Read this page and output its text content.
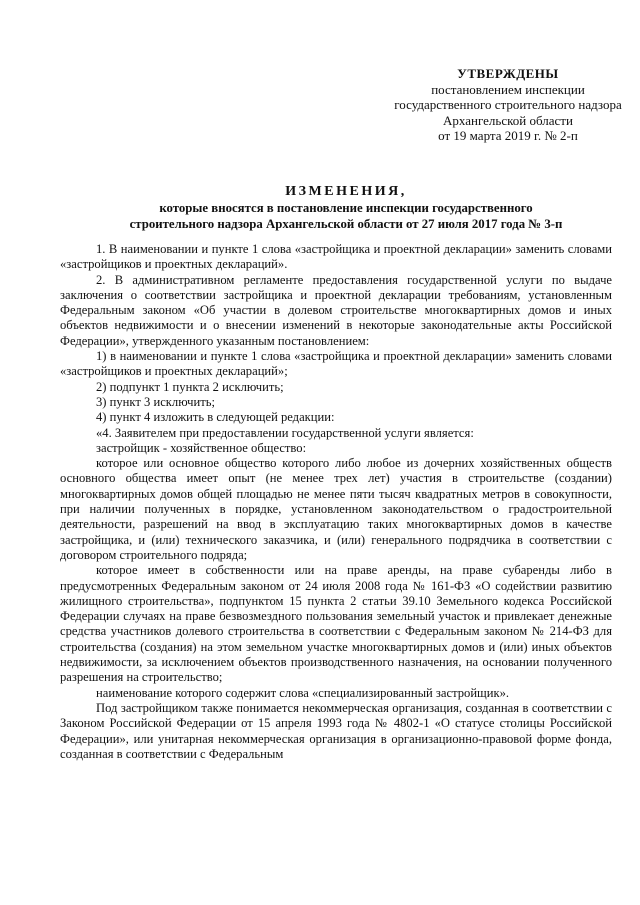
УТВЕРЖДЕНЫ
постановлением инспекции
государственного строительного надзора
Архангельской области
от 19 марта 2019 г. № 2-п
ИЗМЕНЕНИЯ,
которые вносятся в постановление инспекции государственного
строительного надзора Архангельской области от 27 июля 2017 года № 3-п

1. В наименовании и пункте 1 слова «застройщика и проектной декларации» заменить словами «застройщиков и проектных деклараций».

2. В административном регламенте предоставления государственной услуги по выдаче заключения о соответствии застройщика и проектной декларации требованиям, установленным Федеральным законом «Об участии в долевом строительстве многоквартирных домов и иных объектов недвижимости и о внесении изменений в некоторые законодательные акты Российской Федерации», утвержденного указанным постановлением:

1) в наименовании и пункте 1 слова «застройщика и проектной декларации» заменить словами «застройщиков и проектных деклараций»;

2) подпункт 1 пункта 2 исключить;

3) пункт 3 исключить;

4) пункт 4 изложить в следующей редакции:

«4. Заявителем при предоставлении государственной услуги является:

застройщик - хозяйственное общество:

которое или основное общество которого либо любое из дочерних хозяйственных обществ основного общества имеет опыт (не менее трех лет) участия в строительстве (создании) многоквартирных домов общей площадью не менее пяти тысяч квадратных метров в совокупности, при наличии полученных в порядке, установленном законодательством о градостроительной деятельности, разрешений на ввод в эксплуатацию таких многоквартирных домов в качестве застройщика, и (или) технического заказчика, и (или) генерального подрядчика в соответствии с договором строительного подряда;

которое имеет в собственности или на праве аренды, на праве субаренды либо в предусмотренных Федеральным законом от 24 июля 2008 года № 161-ФЗ «О содействии развитию жилищного строительства», подпунктом 15 пункта 2 статьи 39.10 Земельного кодекса Российской Федерации случаях на праве безвозмездного пользования земельный участок и привлекает денежные средства участников долевого строительства в соответствии с Федеральным законом № 214-ФЗ для строительства (создания) на этом земельном участке многоквартирных домов и (или) иных объектов недвижимости, за исключением объектов производственного назначения, на основании полученного разрешения на строительство;

наименование которого содержит слова «специализированный застройщик».

Под застройщиком также понимается некоммерческая организация, созданная в соответствии с Законом Российской Федерации от 15 апреля 1993 года № 4802-1 «О статусе столицы Российской Федерации», или унитарная некоммерческая организация в организационно-правовой форме фонда, созданная в соответствии с Федеральным
